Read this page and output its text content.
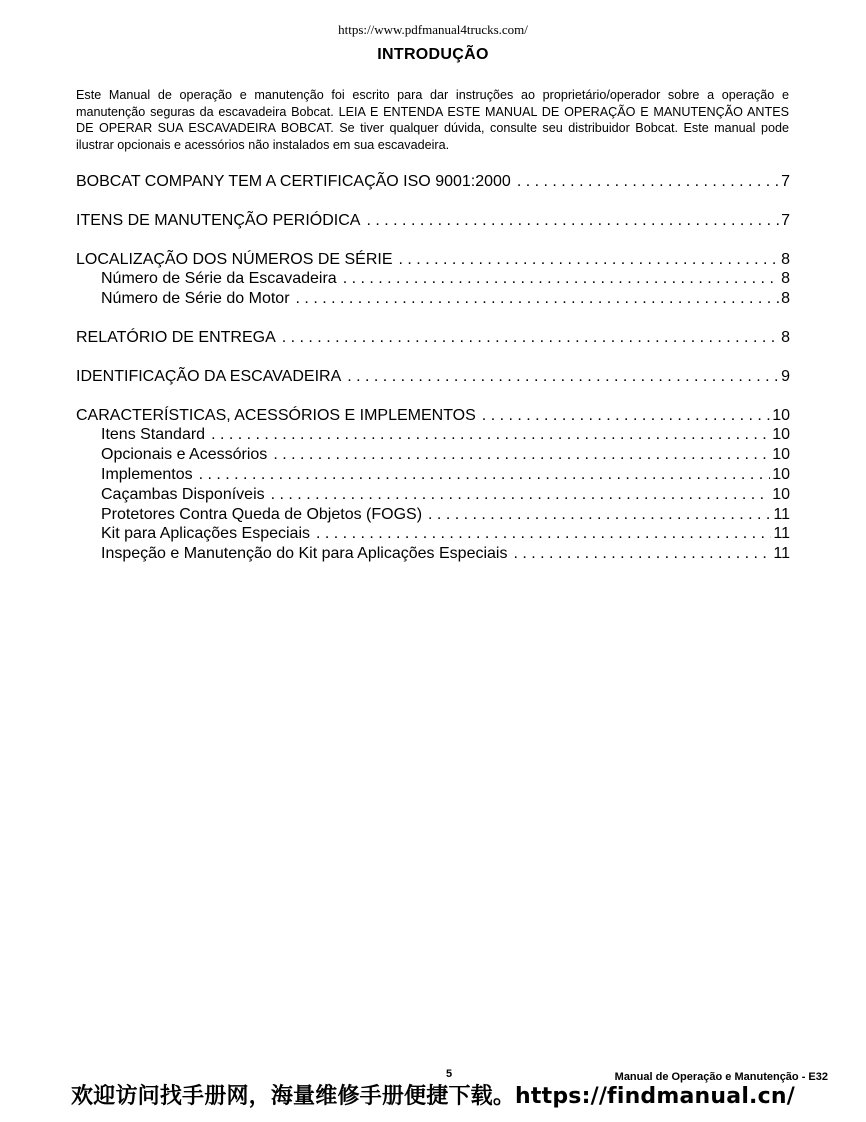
https://www.pdfmanual4trucks.com/
INTRODUÇÃO
Este Manual de operação e manutenção foi escrito para dar instruções ao proprietário/operador sobre a operação e manutenção seguras da escavadeira Bobcat. LEIA E ENTENDA ESTE MANUAL DE OPERAÇÃO E MANUTENÇÃO ANTES DE OPERAR SUA ESCAVADEIRA BOBCAT. Se tiver qualquer dúvida, consulte seu distribuidor Bobcat. Este manual pode ilustrar opcionais e acessórios não instalados em sua escavadeira.
BOBCAT COMPANY TEM A CERTIFICAÇÃO ISO 9001:2000 . . .	7
ITENS DE MANUTENÇÃO PERIÓDICA . . .	7
LOCALIZAÇÃO DOS NÚMEROS DE SÉRIE . . .	8
Número de Série da Escavadeira . . .	8
Número de Série do Motor . . .	8
RELATÓRIO DE ENTREGA . . .	8
IDENTIFICAÇÃO DA ESCAVADEIRA . . .	9
CARACTERÍSTICAS, ACESSÓRIOS E IMPLEMENTOS . . .	10
Itens Standard . . .	10
Opcionais e Acessórios . . .	10
Implementos . . .	10
Caçambas Disponíveis . . .	10
Protetores Contra Queda de Objetos (FOGS) . . .	11
Kit para Aplicações Especiais . . .	11
Inspeção e Manutenção do Kit para Aplicações Especiais . . .	11
5	Manual de Operação e Manutenção - E32
欢迎访问找手册网，海量维修手册便捷下载。https://findmanual.cn/
